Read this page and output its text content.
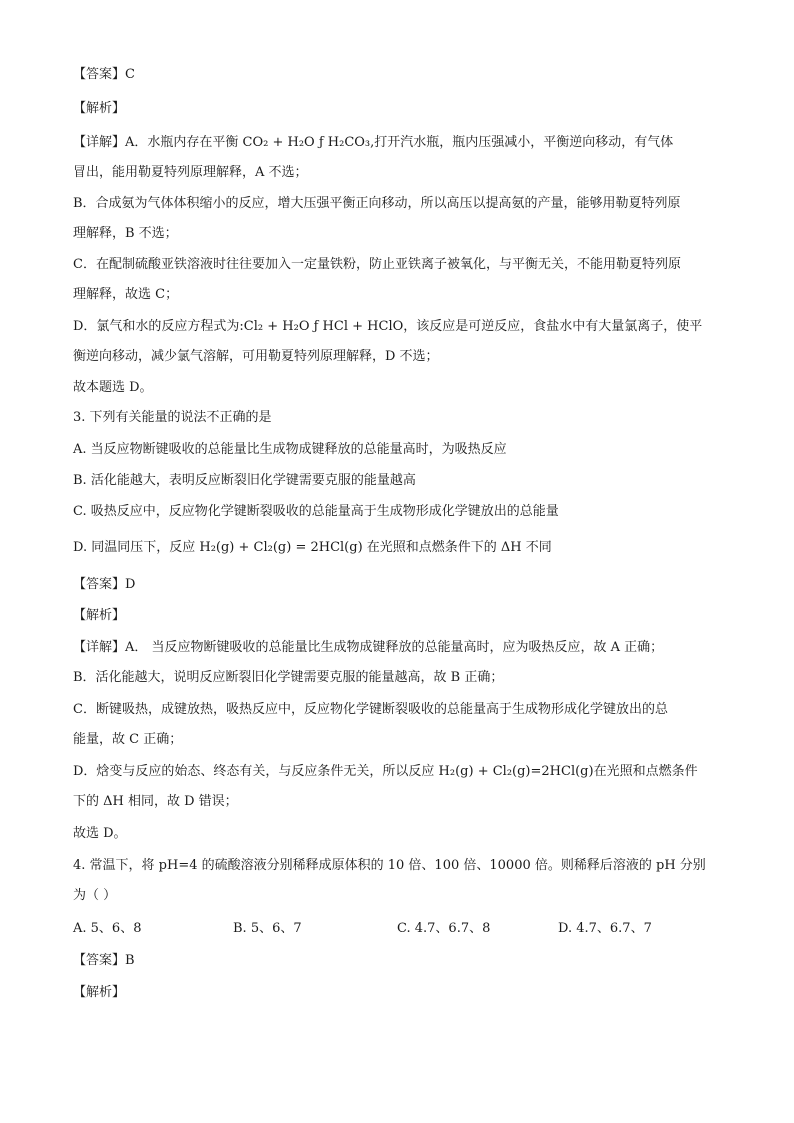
【答案】C
【解析】
【详解】A．水瓶内存在平衡 CO₂ + H₂O ƒ H₂CO₃,打开汽水瓶，瓶内压强减小，平衡逆向移动，有气体
冒出，能用勒夏特列原理解释，A 不选；
B．合成氨为气体体积缩小的反应，增大压强平衡正向移动，所以高压以提高氨的产量，能够用勒夏特列原
理解释，B 不选；
C．在配制硫酸亚铁溶液时往往要加入一定量铁粉，防止亚铁离子被氧化，与平衡无关，不能用勒夏特列原
理解释，故选 C；
D．氯气和水的反应方程式为:Cl₂ + H₂O ƒ HCl + HClO，该反应是可逆反应，食盐水中有大量氯离子，使平
衡逆向移动，减少氯气溶解，可用勒夏特列原理解释，D 不选；
故本题选 D。
3. 下列有关能量的说法不正确的是
A. 当反应物断键吸收的总能量比生成物成键释放的总能量高时，为吸热反应
B. 活化能越大，表明反应断裂旧化学键需要克服的能量越高
C. 吸热反应中，反应物化学键断裂吸收的总能量高于生成物形成化学键放出的总能量
D. 同温同压下，反应 H₂(g) + Cl₂(g) = 2HCl(g) 在光照和点燃条件下的 ΔH 不同
【答案】D
【解析】
【详解】A． 当反应物断键吸收的总能量比生成物成键释放的总能量高时，应为吸热反应，故 A 正确；
B．活化能越大，说明反应断裂旧化学键需要克服的能量越高，故 B 正确；
C．断键吸热，成键放热，吸热反应中，反应物化学键断裂吸收的总能量高于生成物形成化学键放出的总
能量，故 C 正确；
D．焓变与反应的始态、终态有关，与反应条件无关，所以反应 H₂(g) + Cl₂(g)=2HCl(g)在光照和点燃条件
下的 ΔH 相同，故 D 错误；
故选 D。
4. 常温下，将 pH=4 的硫酸溶液分别稀释成原体积的 10 倍、100 倍、10000 倍。则稀释后溶液的 pH 分别
为（ ）
A. 5、6、8	B. 5、6、7	C. 4.7、6.7、8	D. 4.7、6.7、7
【答案】B
【解析】
